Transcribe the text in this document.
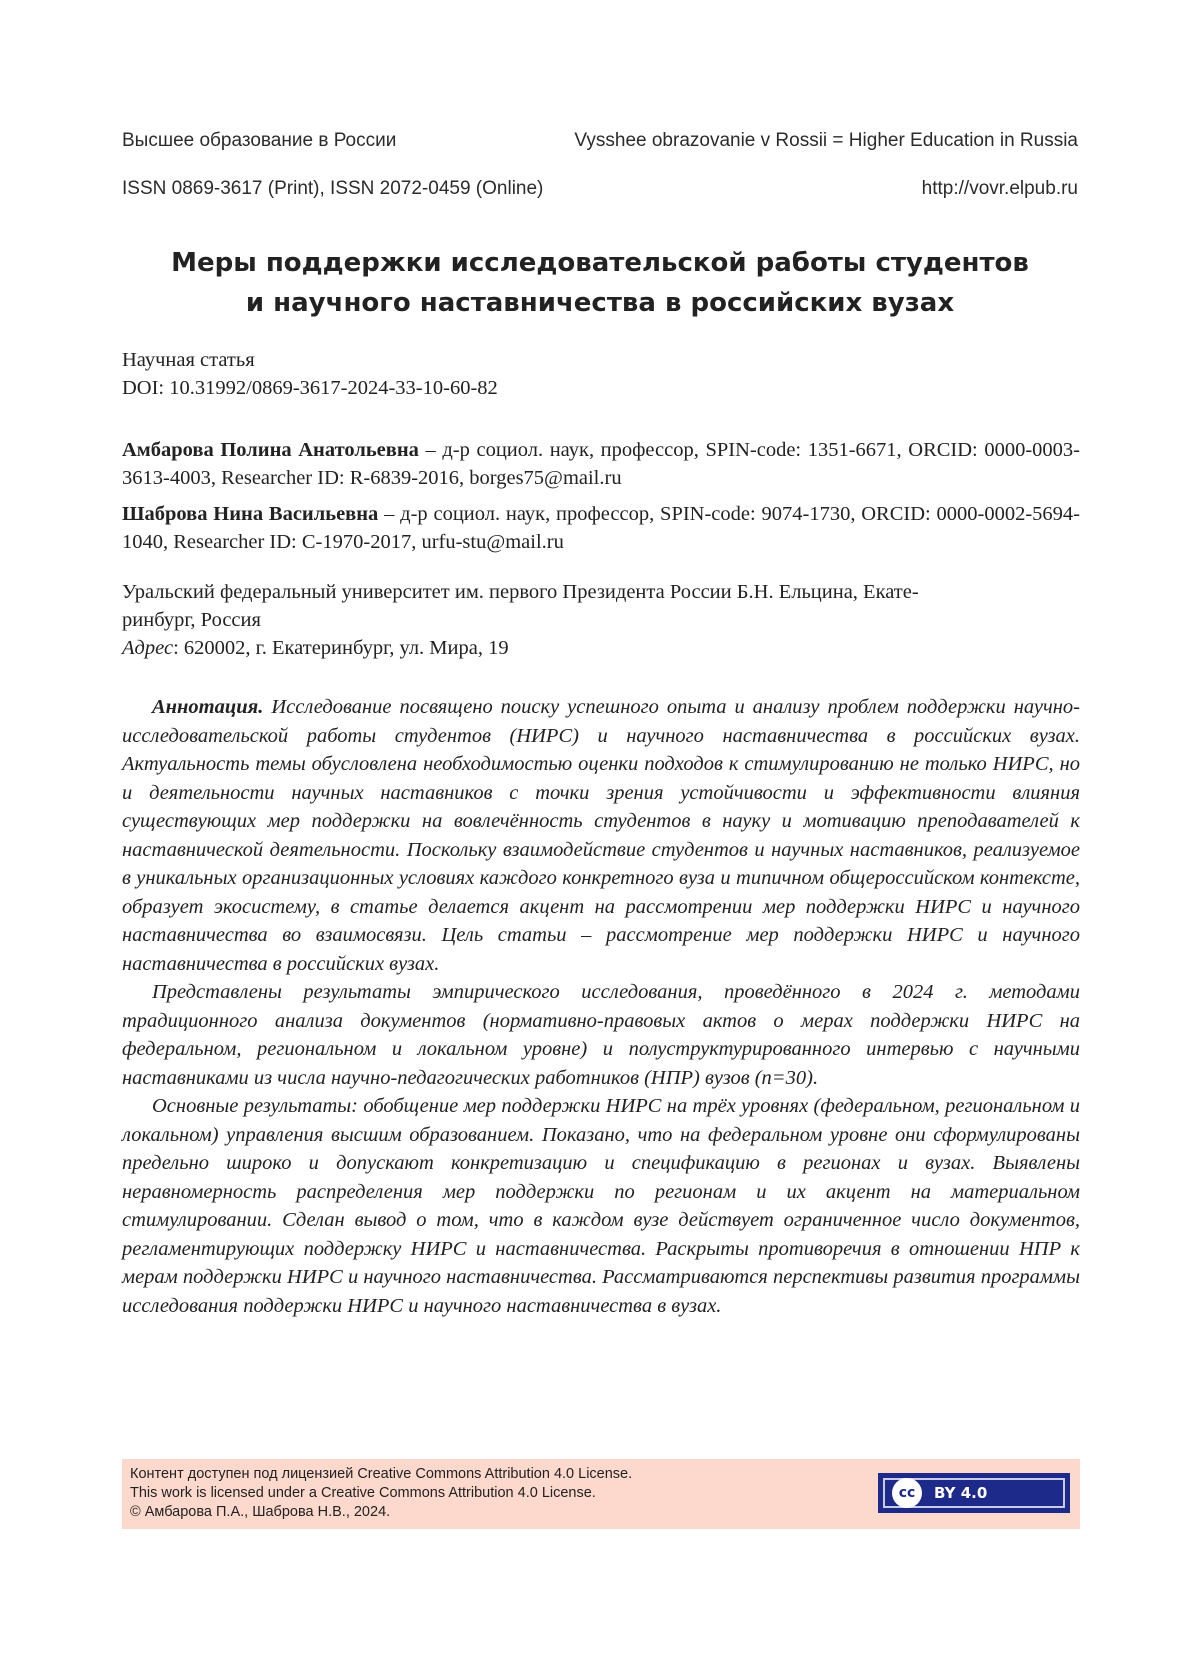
Высшее образование в России	Vysshee obrazovanie v Rossii = Higher Education in Russia
ISSN 0869-3617 (Print), ISSN 2072-0459 (Online)	http://vovr.elpub.ru
Меры поддержки исследовательской работы студентов
и научного наставничества в российских вузах
Научная статья
DOI: 10.31992/0869-3617-2024-33-10-60-82

Амбарова Полина Анатольевна – д-р социол. наук, профессор, SPIN-code: 1351-6671, ORCID: 0000-0003-3613-4003, Researcher ID: R-6839-2016, borges75@mail.ru

Шаброва Нина Васильевна – д-р социол. наук, профессор, SPIN-code: 9074-1730, ORCID: 0000-0002-5694-1040, Researcher ID: C-1970-2017, urfu-stu@mail.ru

Уральский федеральный университет им. первого Президента России Б.Н. Ельцина, Екате-
ринбург, Россия
Адрес: 620002, г. Екатеринбург, ул. Мира, 19

Аннотация. Исследование посвящено поиску успешного опыта и анализу проблем поддержки научно-исследовательской работы студентов (НИРС) и научного наставничества в российских вузах. Актуальность темы обусловлена необходимостью оценки подходов к стимулированию не только НИРС, но и деятельности научных наставников с точки зрения устойчивости и эффективности влияния существующих мер поддержки на вовлечённость студентов в науку и мотивацию преподавателей к наставнической деятельности. Поскольку взаимодействие студентов и научных наставников, реализуемое в уникальных организационных условиях каждого конкретного вуза и типичном общероссийском контексте, образует экосистему, в статье делается акцент на рассмотрении мер поддержки НИРС и научного наставничества во взаимосвязи. Цель статьи – рассмотрение мер поддержки НИРС и научного наставничества в российских вузах.

Представлены результаты эмпирического исследования, проведённого в 2024 г. методами традиционного анализа документов (нормативно-правовых актов о мерах поддержки НИРС на федеральном, региональном и локальном уровне) и полуструктурированного интервью с научными наставниками из числа научно-педагогических работников (НПР) вузов (n=30).

Основные результаты: обобщение мер поддержки НИРС на трёх уровнях (федеральном, региональном и локальном) управления высшим образованием. Показано, что на федеральном уровне они сформулированы предельно широко и допускают конкретизацию и спецификацию в регионах и вузах. Выявлены неравномерность распределения мер поддержки по регионам и их акцент на материальном стимулировании. Сделан вывод о том, что в каждом вузе действует ограниченное число документов, регламентирующих поддержку НИРС и наставничества. Раскрыты противоречия в отношении НПР к мерам поддержки НИРС и научного наставничества. Рассматриваются перспективы развития программы исследования поддержки НИРС и научного наставничества в вузах.

Контент доступен под лицензией Creative Commons Attribution 4.0 License.
This work is licensed under a Creative Commons Attribution 4.0 License.
© Амбарова П.А., Шаброва Н.В., 2024.
cc	BY 4.0
